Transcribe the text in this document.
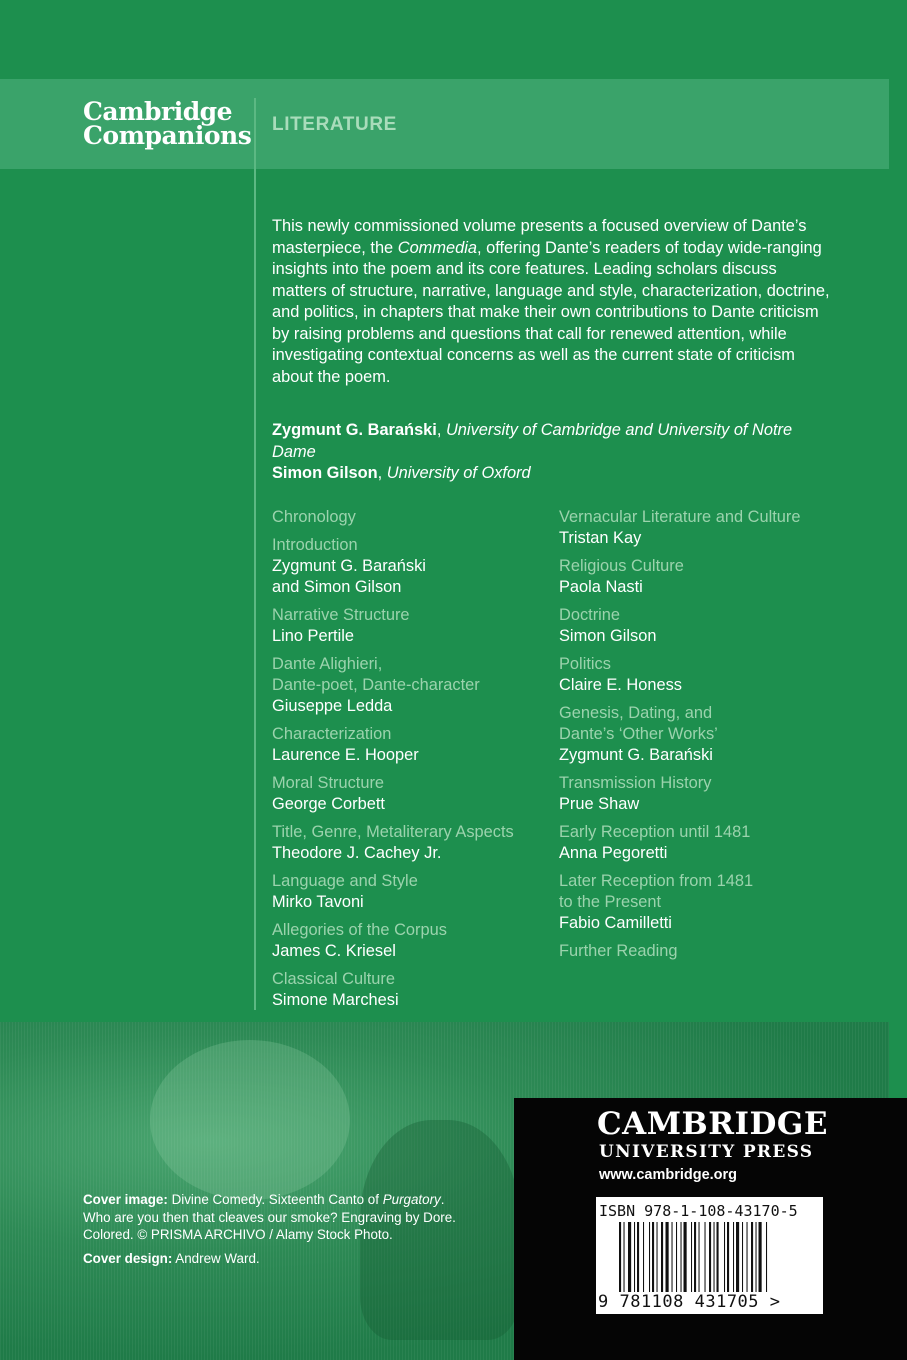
Cambridge
Companions LITERATURE

This newly commissioned volume presents a focused overview of Dante’s masterpiece, the Commedia, offering Dante’s readers of today wide-ranging insights into the poem and its core features. Leading scholars discuss matters of structure, narrative, language and style, characterization, doctrine, and politics, in chapters that make their own contributions to Dante criticism by raising problems and questions that call for renewed attention, while investigating contextual concerns as well as the current state of criticism about the poem.

Zygmunt G. Barański, University of Cambridge and University of Notre Dame
Simon Gilson, University of Oxford
Chronology
Introduction
Zygmunt G. Barański
and Simon Gilson
Narrative Structure
Lino Pertile
Dante Alighieri,
Dante-poet, Dante-character
Giuseppe Ledda
Characterization
Laurence E. Hooper
Moral Structure
George Corbett
Title, Genre, Metaliterary Aspects
Theodore J. Cachey Jr.
Language and Style
Mirko Tavoni
Allegories of the Corpus
James C. Kriesel
Classical Culture
Simone Marchesi
Vernacular Literature and Culture
Tristan Kay
Religious Culture
Paola Nasti
Doctrine
Simon Gilson
Politics
Claire E. Honess
Genesis, Dating, and
Dante’s ‘Other Works’
Zygmunt G. Barański
Transmission History
Prue Shaw
Early Reception until 1481
Anna Pegoretti
Later Reception from 1481
to the Present
Fabio Camilletti
Further Reading
Cover image: Divine Comedy. Sixteenth Canto of Purgatory. Who are you then that cleaves our smoke? Engraving by Dore. Colored. © PRISMA ARCHIVO / Alamy Stock Photo.
Cover design: Andrew Ward.
CAMBRIDGE
UNIVERSITY PRESS
www.cambridge.org
ISBN 978-1-108-43170-5
9 781108 431705 >
